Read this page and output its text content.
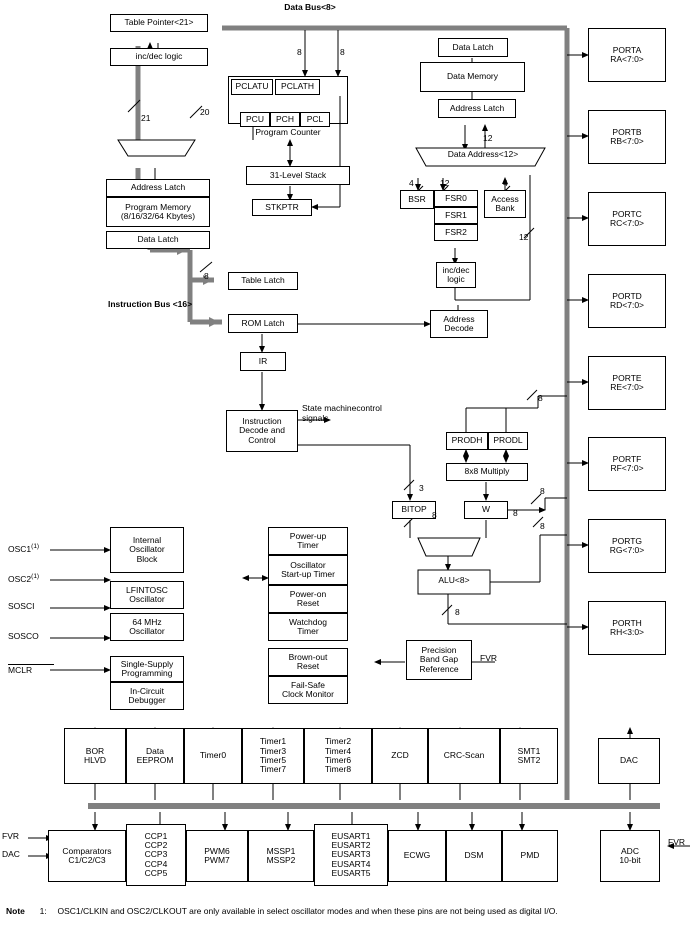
Table Pointer<21>
inc/dec logic
PCLATU	PCLATH
PCU	PCH	PCL
Program Counter
31-Level Stack
STKPTR
Address Latch
Program Memory (8/16/32/64 Kbytes)
Data Latch
Table Latch
ROM Latch
IR
Instruction
Decode and
Control
Data Latch
Data Memory
Address Latch
BSR	FSR0
FSR1
FSR2
Access
Bank
inc/dec
logic
Address
Decode
PRODH	PRODL
8x8 Multiply
BITOP	W
ALU<8>
Internal
Oscillator
Block
LFINTOSC
Oscillator
64 MHz
Oscillator
Single-Supply
Programming
In-Circuit
Debugger
Power-up
Timer
Oscillator
Start-up Timer
Power-on
Reset
Watchdog
Timer
Brown-out
Reset
Fail-Safe
Clock Monitor
Precision
Band Gap
Reference
PORTA
RA<7:0>
PORTB
RB<7:0>
PORTC
RC<7:0>
PORTD
RD<7:0>
PORTE
RE<7:0>
PORTF
RF<7:0>
PORTG
RG<7:0>
PORTH
RH<3:0>
BOR
HLVD
Data
EEPROM	Timer0
Timer1
Timer3
Timer5
Timer7
Timer2
Timer4
Timer6
Timer8
ZCD	CRC-Scan	SMT1
SMT2	DAC
Comparators
C1/C2/C3
CCP1
CCP2
CCP3
CCP4
CCP5
PWM6
PWM7
MSSP1
MSSP2
EUSART1
EUSART2
EUSART3
EUSART4
EUSART5
ECWG	DSM	PMD	ADC
10-bit
Data Bus<8>
Instruction Bus <16>
Data Address<12>
State machinecontrol signals
21
20
8
8	8
12
4	12	4
12
3
8	8
8
8
8
8
OSC1$^{(1)}$
OSC2$^{(1)}$
SOSCI
SOSCO
MCLR
FVR
FVR
DAC
FVR
Note 1: OSC1/CLKIN and OSC2/CLKOUT are only available in select oscillator modes and when these pins are not being used as digital I/O.
